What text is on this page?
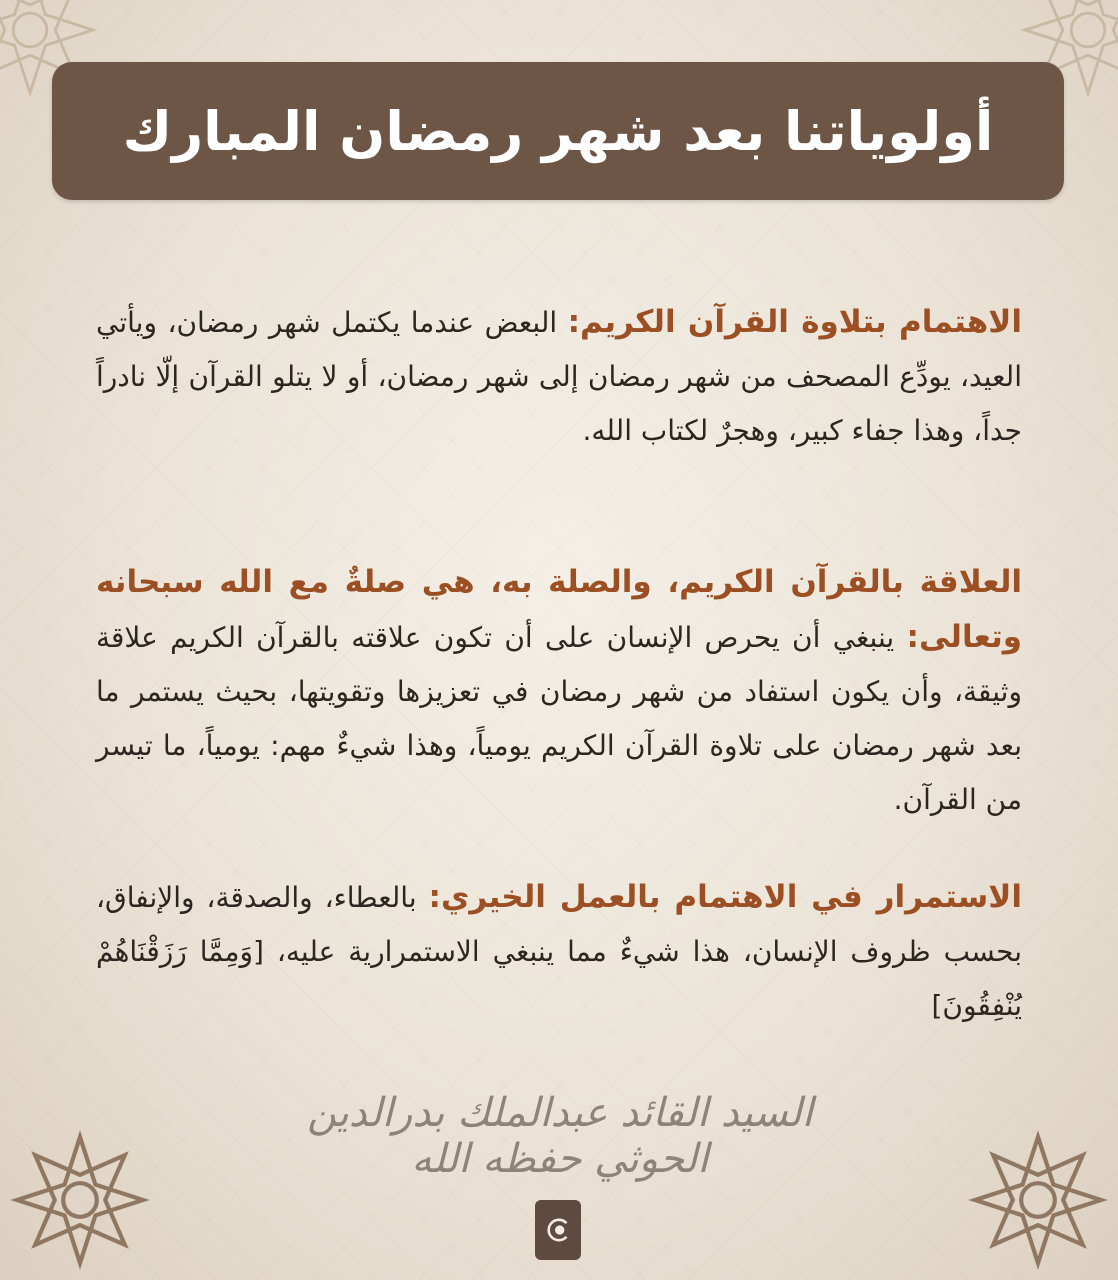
أولوياتنا بعد شهر رمضان المبارك
الاهتمام بتلاوة القرآن الكريم: البعض عندما يكتمل شهر رمضان، ويأتي العيد، يودِّع المصحف من شهر رمضان إلى شهر رمضان، أو لا يتلو القرآن إلّا نادراً جداً، وهذا جفاء كبير، وهجرٌ لكتاب الله.
العلاقة بالقرآن الكريم، والصلة به، هي صلةٌ مع الله سبحانه وتعالى: ينبغي أن يحرص الإنسان على أن تكون علاقته بالقرآن الكريم علاقة وثيقة، وأن يكون استفاد من شهر رمضان في تعزيزها وتقويتها، بحيث يستمر ما بعد شهر رمضان على تلاوة القرآن الكريم يومياً، وهذا شيءٌ مهم: يومياً، ما تيسر من القرآن.
الاستمرار في الاهتمام بالعمل الخيري: بالعطاء، والصدقة، والإنفاق، بحسب ظروف الإنسان، هذا شيءٌ مما ينبغي الاستمرارية عليه، [وَمِمَّا رَزَقْنَاهُمْ يُنْفِقُونَ]
السيد القائد عبدالملك بدرالدين الحوثي حفظه الله
